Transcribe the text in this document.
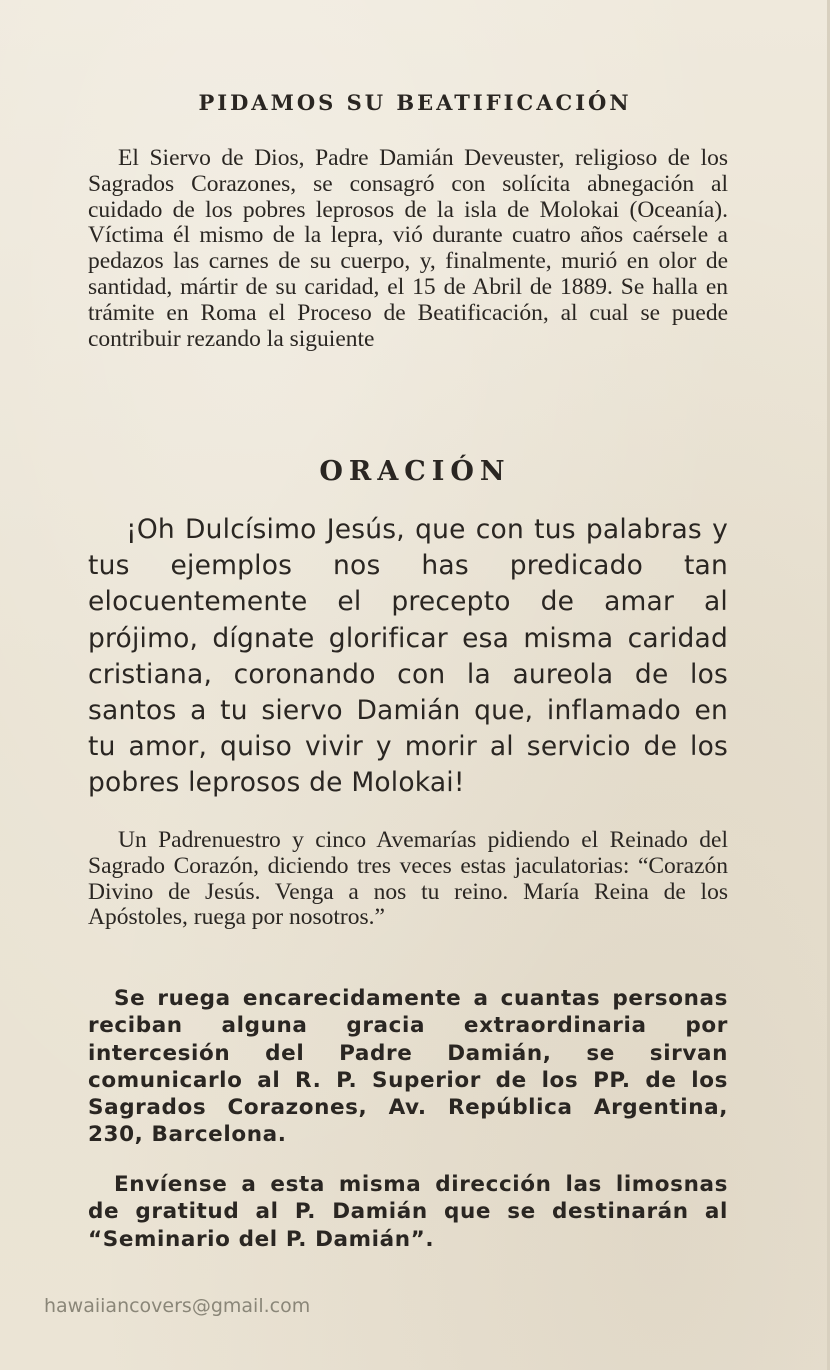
PIDAMOS SU BEATIFICACIÓN

El Siervo de Dios, Padre Damián Deveuster, religioso de los Sagrados Corazones, se consagró con solícita abnegación al cuidado de los pobres leprosos de la isla de Molokai (Oceanía). Víctima él mismo de la lepra, vió durante cuatro años caérsele a pedazos las carnes de su cuerpo, y, finalmente, murió en olor de santidad, mártir de su caridad, el 15 de Abril de 1889. Se halla en trámite en Roma el Proceso de Beatificación, al cual se puede contribuir rezando la siguiente

ORACIÓN

¡Oh Dulcísimo Jesús, que con tus palabras y tus ejemplos nos has predicado tan elocuentemente el precepto de amar al prójimo, dígnate glorificar esa misma caridad cristiana, coronando con la aureola de los santos a tu siervo Damián que, inflamado en tu amor, quiso vivir y morir al servicio de los pobres leprosos de Molokai!

Un Padrenuestro y cinco Avemarías pidiendo el Reinado del Sagrado Corazón, diciendo tres veces estas jaculatorias: “Corazón Divino de Jesús. Venga a nos tu reino. María Reina de los Apóstoles, ruega por nosotros.”

Se ruega encarecidamente a cuantas personas reciban alguna gracia extraordinaria por intercesión del Padre Damián, se sirvan comunicarlo al R. P. Superior de los PP. de los Sagrados Corazones, Av. República Argentina, 230, Barcelona.

Envíense a esta misma dirección las limosnas de gratitud al P. Damián que se destinarán al “Seminario del P. Damián”.

hawaiiancovers@gmail.com
